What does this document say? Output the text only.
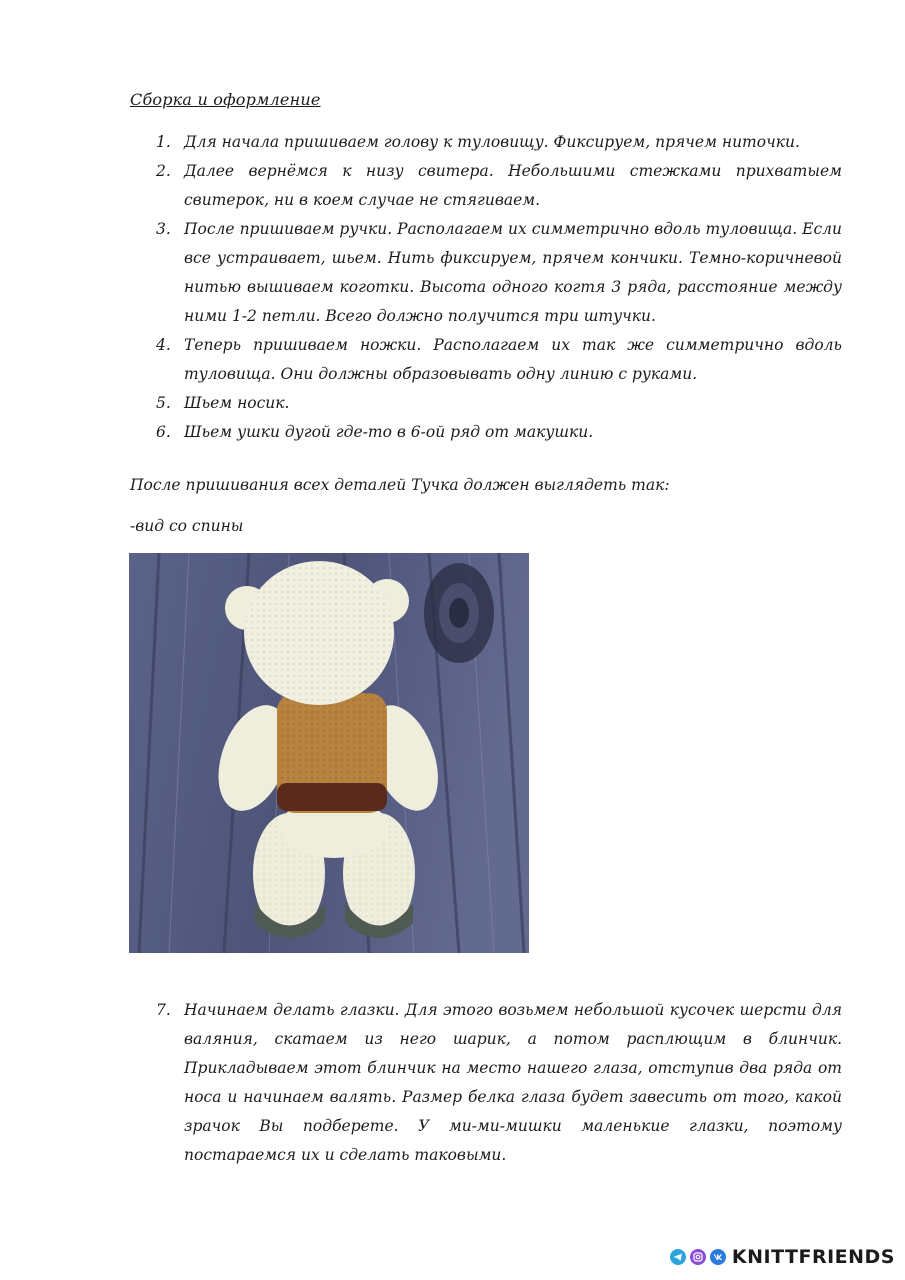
Сборка и оформление
1. Для начала пришиваем голову к туловищу. Фиксируем, прячем ниточки.
2. Далее вернёмся к низу свитера. Небольшими стежками прихватыем свитерок, ни в коем случае не стягиваем.
3. После пришиваем ручки. Располагаем их симметрично вдоль туловища. Если все устраивает, шьем. Нить фиксируем, прячем кончики. Темно-коричневой нитью вышиваем коготки. Высота одного когтя 3 ряда, расстояние между ними 1-2 петли. Всего должно получится три штучки.
4. Теперь пришиваем ножки. Располагаем их так же симметрично вдоль туловища. Они должны образовывать одну линию с руками.
5. Шьем носик.
6. Шьем ушки дугой где-то в 6-ой ряд от макушки.
После пришивания всех деталей Тучка должен выглядеть так:
-вид со спины
7. Начинаем делать глазки. Для этого возьмем небольшой кусочек шерсти для валяния, скатаем из него шарик, а потом расплющим в блинчик. Прикладываем этот блинчик на место нашего глаза, отступив два ряда от носа и начинаем валять. Размер белка глаза будет завесить от того, какой зрачок Вы подберете. У ми-ми-мишки маленькие глазки, поэтому постараемся их и сделать таковыми.
KNITTFRIENDS
